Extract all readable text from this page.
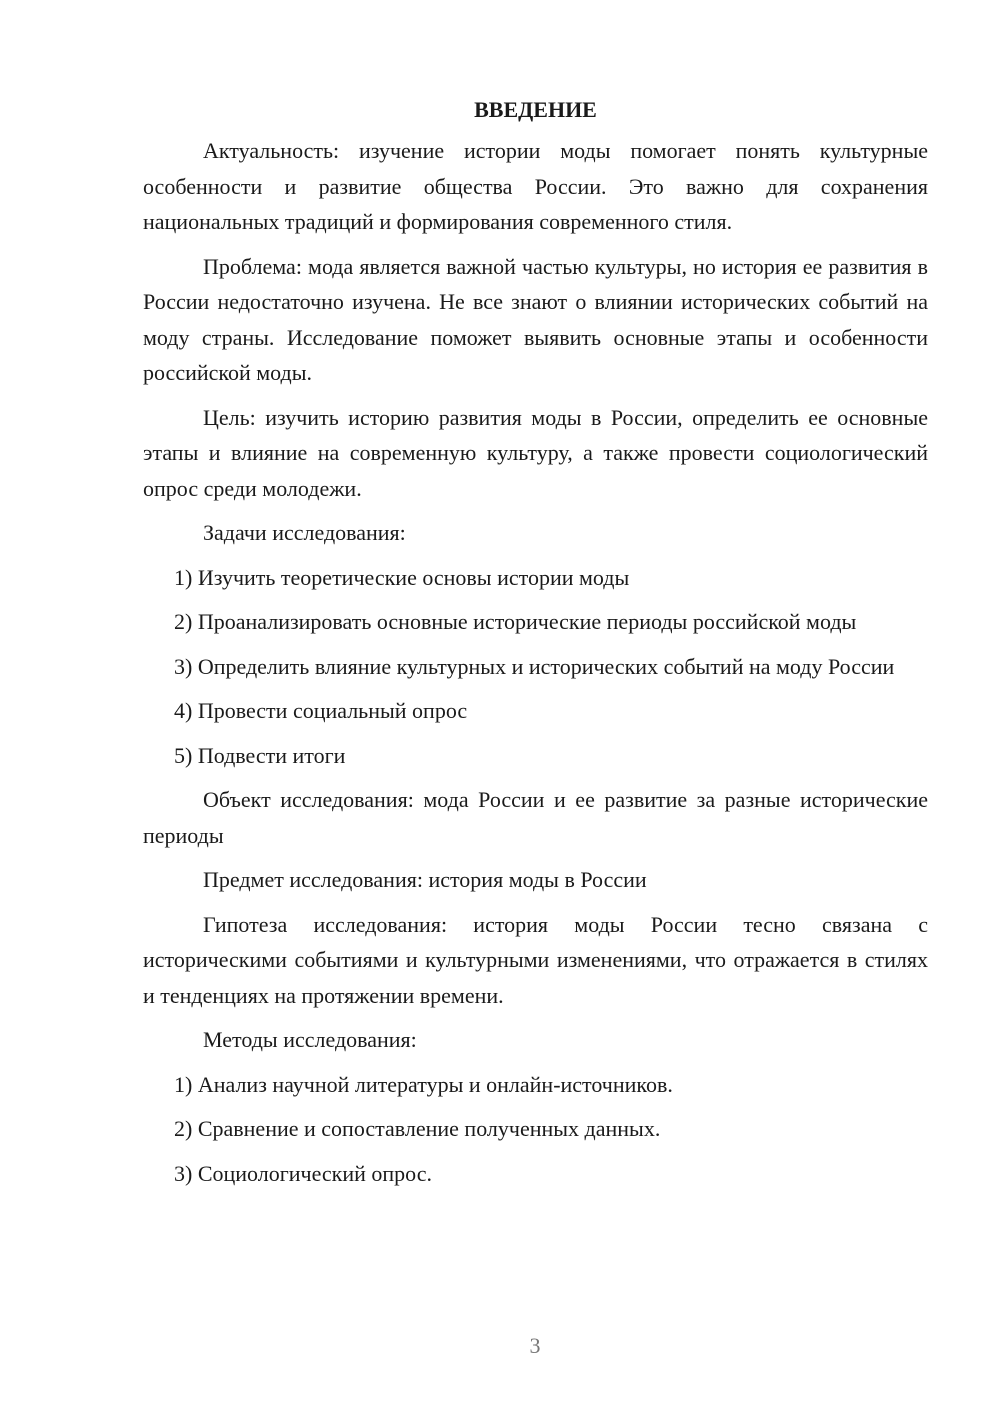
ВВЕДЕНИЕ

Актуальность: изучение истории моды помогает понять культурные особенности и развитие общества России. Это важно для сохранения национальных традиций и формирования современного стиля.

Проблема: мода является важной частью культуры, но история ее развития в России недостаточно изучена. Не все знают о влиянии исторических событий на моду страны. Исследование поможет выявить основные этапы и особенности российской моды.

Цель: изучить историю развития моды в России, определить ее основные этапы и влияние на современную культуру, а также провести социологический опрос среди молодежи.

Задачи исследования:

1) Изучить теоретические основы истории моды

2) Проанализировать основные исторические периоды российской моды

3) Определить влияние культурных и исторических событий на моду России

4) Провести социальный опрос

5) Подвести итоги

Объект исследования: мода России и ее развитие за разные исторические периоды

Предмет исследования: история моды в России

Гипотеза исследования: история моды России тесно связана с историческими событиями и культурными изменениями, что отражается в стилях и тенденциях на протяжении времени.

Методы исследования:

1) Анализ научной литературы и онлайн-источников.

2) Сравнение и сопоставление полученных данных.

3) Социологический опрос.

3
